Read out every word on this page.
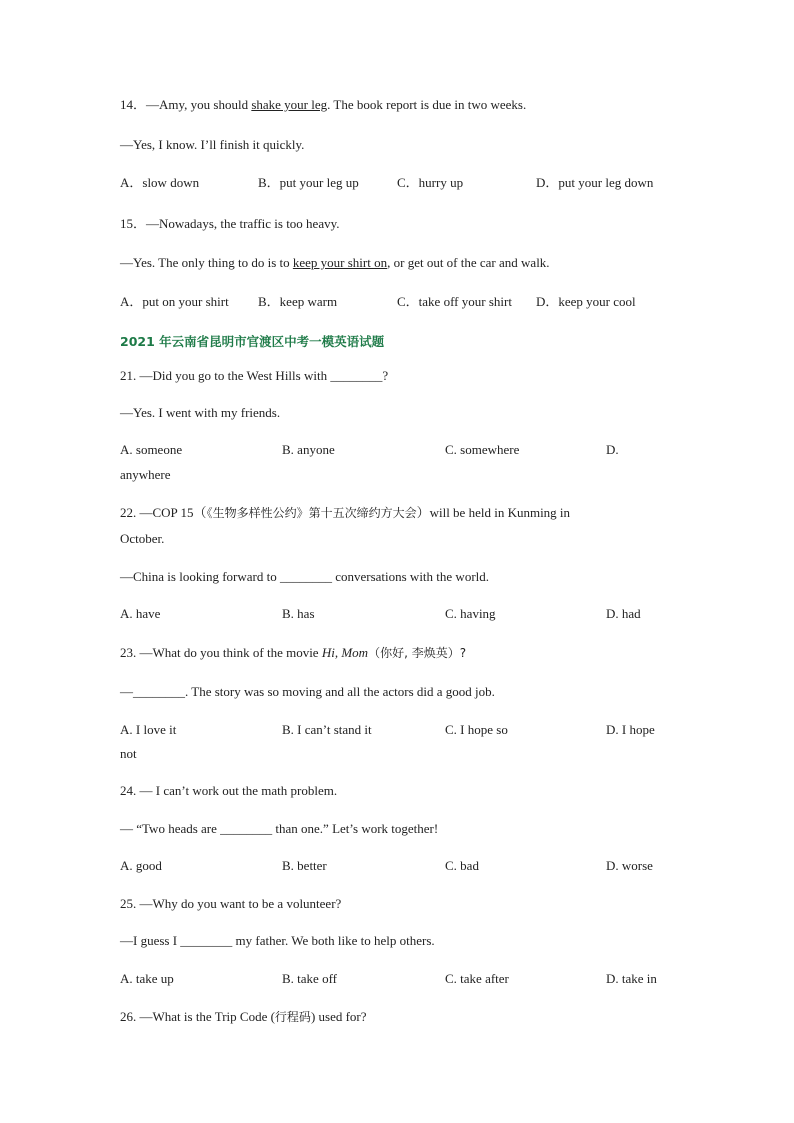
14．—Amy, you should shake your leg. The book report is due in two weeks.
—Yes, I know. I’ll finish it quickly.
A．slow down	B．put your leg up	C．hurry up	D．put your leg down
15．—Nowadays, the traffic is too heavy.
—Yes. The only thing to do is to keep your shirt on, or get out of the car and walk.
A．put on your shirt B．keep warm	C．take off your shirt D．keep your cool
2021 年云南省昆明市官渡区中考一模英语试题
21. —Did you go to the West Hills with ________?
—Yes. I went with my friends.
A. someone	B. anyone	C. somewhere	D.
anywhere
22. —COP 15（《生物多样性公约》第十五次缔约方大会）will be held in Kunming in
October.
—China is looking forward to ________ conversations with the world.
A. have	B. has	C. having	D. had
23. —What do you think of the movie Hi, Mom（你好, 李焕英）?
—________. The story was so moving and all the actors did a good job.
A. I love it	B. I can’t stand it	C. I hope so	D. I hope
not
24. — I can’t work out the math problem.
— “Two heads are ________ than one.” Let’s work together!
A. good	B. better	C. bad	D. worse
25. —Why do you want to be a volunteer?
—I guess I ________ my father. We both like to help others.
A. take up	B. take off	C. take after	D. take in
26. —What is the Trip Code (行程码) used for?
